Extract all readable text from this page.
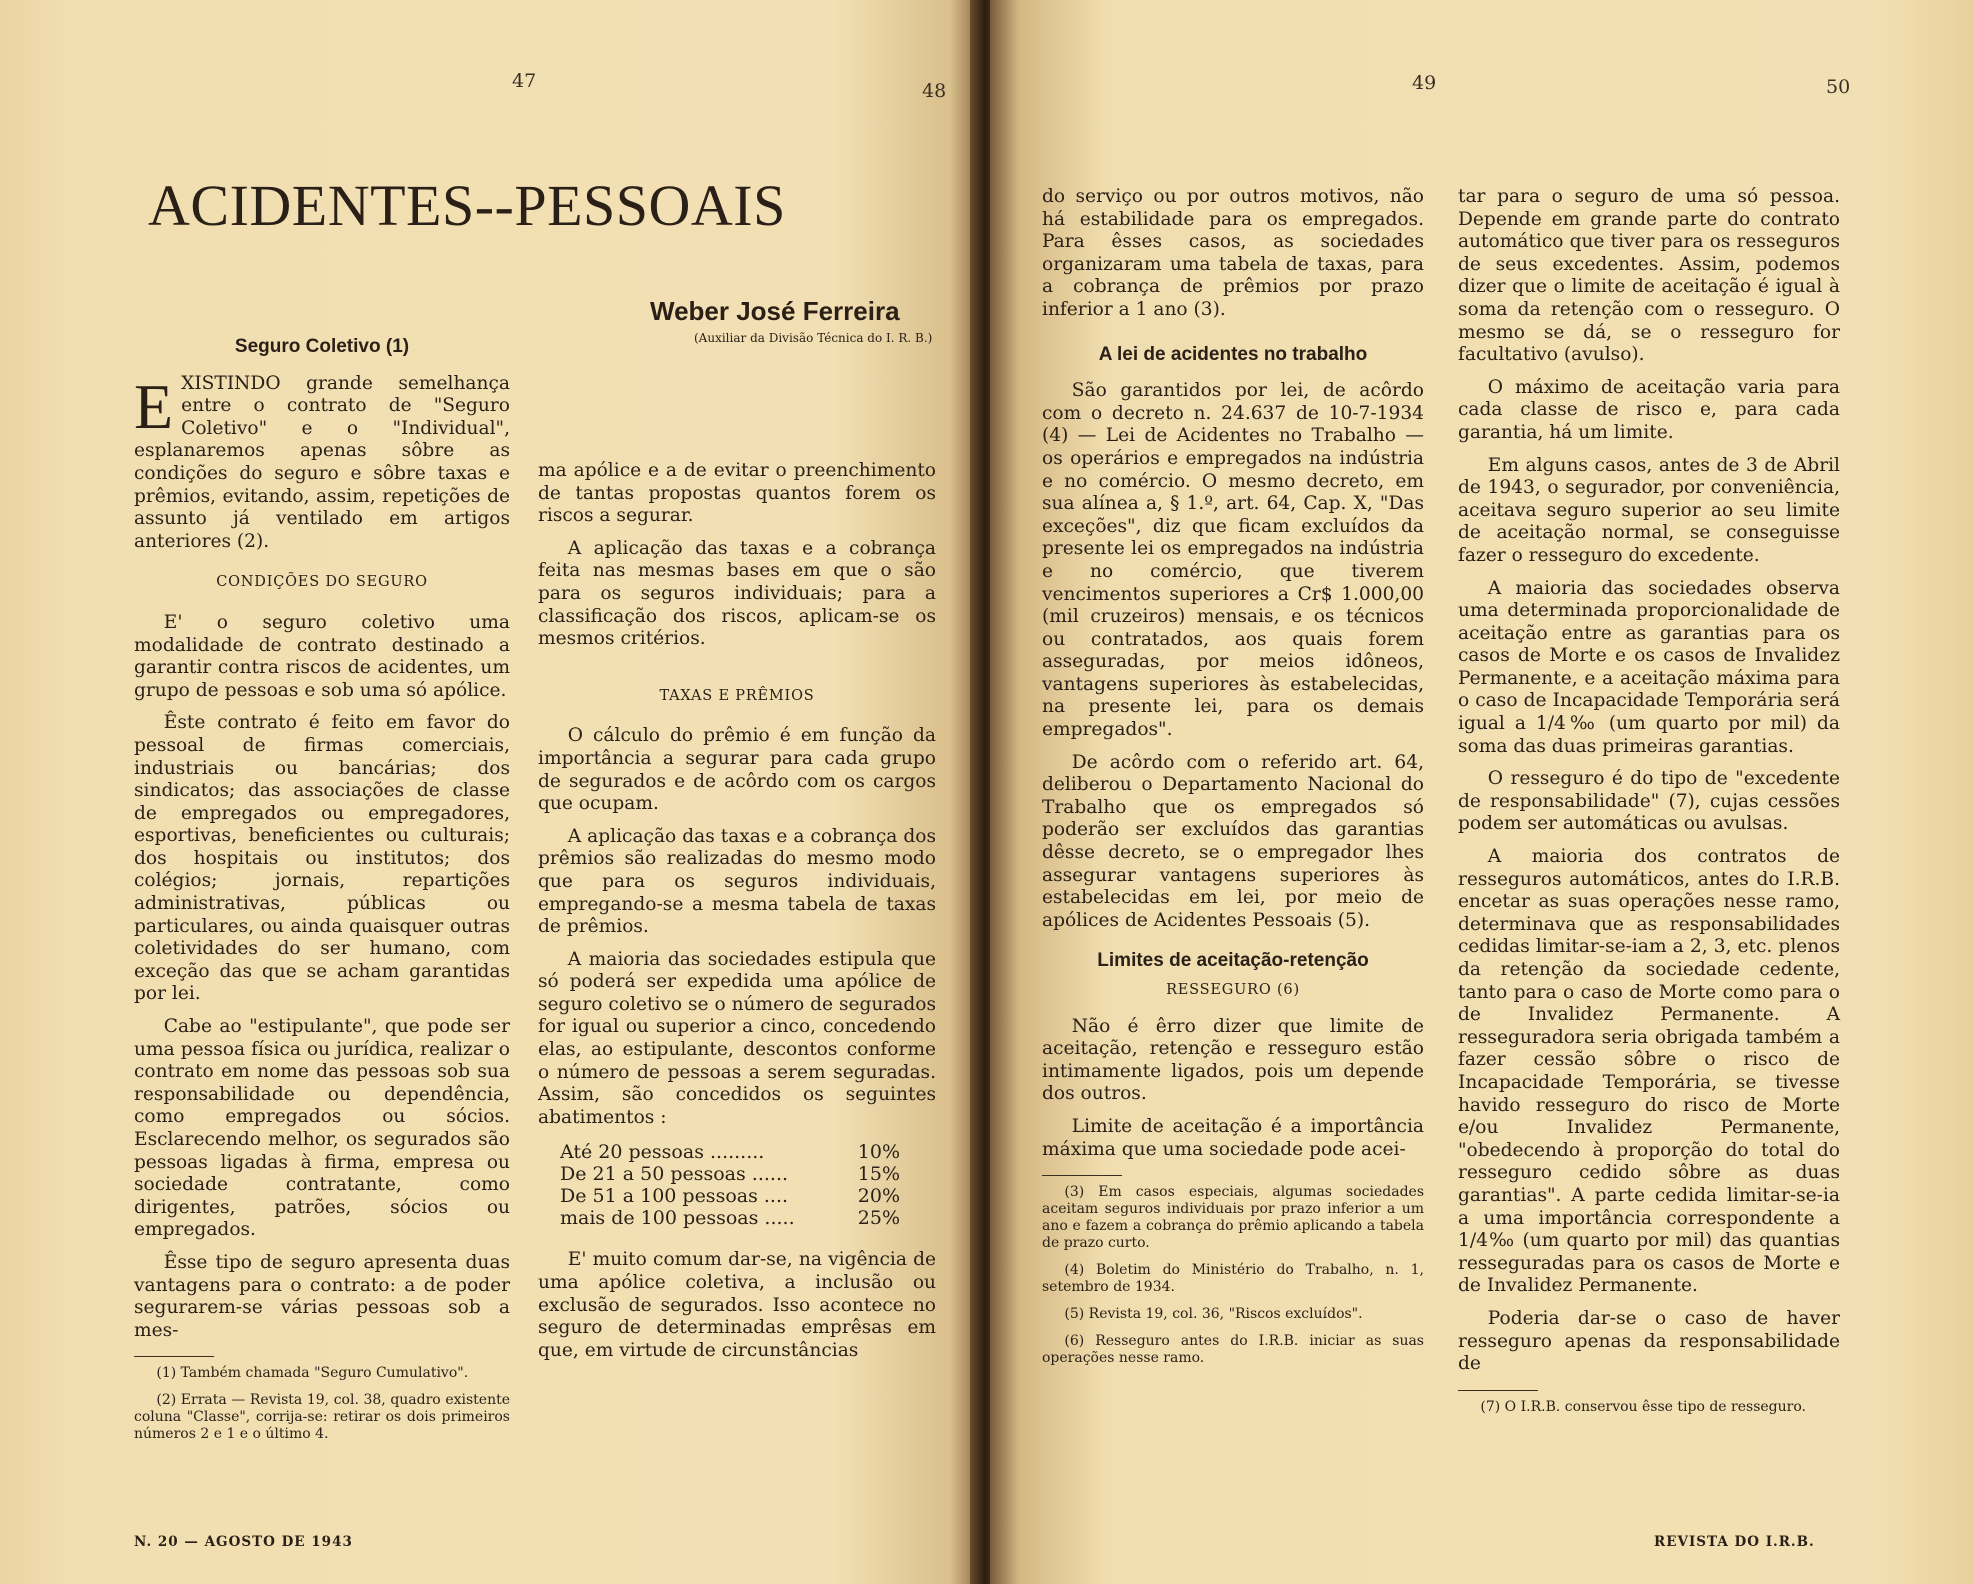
47	48
ACIDENTES--PESSOAIS
Weber José Ferreira
(Auxiliar da Divisão Técnica do I. R. B.)
Seguro Coletivo (1)

EXISTINDO grande semelhança entre o contrato de "Seguro Coletivo" e o "Individual", esplanaremos apenas sôbre as condições do seguro e sôbre taxas e prêmios, evitando, assim, repetições de assunto já ventilado em artigos anteriores (2).

CONDIÇÕES DO SEGURO

E' o seguro coletivo uma modalidade de contrato destinado a garantir contra riscos de acidentes, um grupo de pessoas e sob uma só apólice.

Êste contrato é feito em favor do pessoal de firmas comerciais, industriais ou bancárias; dos sindicatos; das associações de classe de empregados ou empregadores, esportivas, beneficientes ou culturais; dos hospitais ou institutos; dos colégios; jornais, repartições administrativas, públicas ou particulares, ou ainda quaisquer outras coletividades do ser humano, com exceção das que se acham garantidas por lei.

Cabe ao "estipulante", que pode ser uma pessoa física ou jurídica, realizar o contrato em nome das pessoas sob sua responsabilidade ou dependência, como empregados ou sócios. Esclarecendo melhor, os segurados são pessoas ligadas à firma, empresa ou sociedade contratante, como dirigentes, patrões, sócios ou empregados.

Êsse tipo de seguro apresenta duas vantagens para o contrato: a de poder segurarem-se várias pessoas sob a mes-

(1) Também chamada "Seguro Cumulativo".

(2) Errata — Revista 19, col. 38, quadro existente coluna "Classe", corrija-se: retirar os dois primeiros números 2 e 1 e o último 4.

ma apólice e a de evitar o preenchimento de tantas propostas quantos forem os riscos a segurar.

A aplicação das taxas e a cobrança feita nas mesmas bases em que o são para os seguros individuais; para a classificação dos riscos, aplicam-se os mesmos critérios.

TAXAS E PRÊMIOS

O cálculo do prêmio é em função da importância a segurar para cada grupo de segurados e de acôrdo com os cargos que ocupam.

A aplicação das taxas e a cobrança dos prêmios são realizadas do mesmo modo que para os seguros individuais, empregando-se a mesma tabela de taxas de prêmios.

A maioria das sociedades estipula que só poderá ser expedida uma apólice de seguro coletivo se o número de segurados for igual ou superior a cinco, concedendo elas, ao estipulante, descontos conforme o número de pessoas a serem seguradas. Assim, são concedidos os seguintes abatimentos :

Até 20 pessoas .........	10%
De 21 a 50 pessoas ......	15%
De 51 a 100 pessoas ....	20%
mais de 100 pessoas .....	25%

E' muito comum dar-se, na vigência de uma apólice coletiva, a inclusão ou exclusão de segurados. Isso acontece no seguro de determinadas emprêsas em que, em virtude de circunstâncias

N. 20 — AGOSTO DE 1943
49	50

do serviço ou por outros motivos, não há estabilidade para os empregados. Para êsses casos, as sociedades organizaram uma tabela de taxas, para a cobrança de prêmios por prazo inferior a 1 ano (3).

A lei de acidentes no trabalho

São garantidos por lei, de acôrdo com o decreto n. 24.637 de 10-7-1934 (4) — Lei de Acidentes no Trabalho — os operários e empregados na indústria e no comércio. O mesmo decreto, em sua alínea a, § 1.º, art. 64, Cap. X, "Das exceções", diz que ficam excluídos da presente lei os empregados na indústria e no comércio, que tiverem vencimentos superiores a Cr$ 1.000,00 (mil cruzeiros) mensais, e os técnicos ou contratados, aos quais forem asseguradas, por meios idôneos, vantagens superiores às estabelecidas, na presente lei, para os demais empregados".

De acôrdo com o referido art. 64, deliberou o Departamento Nacional do Trabalho que os empregados só poderão ser excluídos das garantias dêsse decreto, se o empregador lhes assegurar vantagens superiores às estabelecidas em lei, por meio de apólices de Acidentes Pessoais (5).

Limites de aceitação-retenção
RESSEGURO (6)

Não é êrro dizer que limite de aceitação, retenção e resseguro estão intimamente ligados, pois um depende dos outros.

Limite de aceitação é a importância máxima que uma sociedade pode acei-

(3) Em casos especiais, algumas sociedades aceitam seguros individuais por prazo inferior a um ano e fazem a cobrança do prêmio aplicando a tabela de prazo curto.

(4) Boletim do Ministério do Trabalho, n. 1, setembro de 1934.

(5) Revista 19, col. 36, "Riscos excluídos".

(6) Resseguro antes do I.R.B. iniciar as suas operações nesse ramo.

tar para o seguro de uma só pessoa. Depende em grande parte do contrato automático que tiver para os resseguros de seus excedentes. Assim, podemos dizer que o limite de aceitação é igual à soma da retenção com o resseguro. O mesmo se dá, se o resseguro for facultativo (avulso).

O máximo de aceitação varia para cada classe de risco e, para cada garantia, há um limite.

Em alguns casos, antes de 3 de Abril de 1943, o segurador, por conveniência, aceitava seguro superior ao seu limite de aceitação normal, se conseguisse fazer o resseguro do excedente.

A maioria das sociedades observa uma determinada proporcionalidade de aceitação entre as garantias para os casos de Morte e os casos de Invalidez Permanente, e a aceitação máxima para o caso de Incapacidade Temporária será igual a 1/4‰ (um quarto por mil) da soma das duas primeiras garantias.

O resseguro é do tipo de "excedente de responsabilidade" (7), cujas cessões podem ser automáticas ou avulsas.

A maioria dos contratos de resseguros automáticos, antes do I.R.B. encetar as suas operações nesse ramo, determinava que as responsabilidades cedidas limitar-se-iam a 2, 3, etc. plenos da retenção da sociedade cedente, tanto para o caso de Morte como para o de Invalidez Permanente. A resseguradora seria obrigada também a fazer cessão sôbre o risco de Incapacidade Temporária, se tivesse havido resseguro do risco de Morte e/ou Invalidez Permanente, "obedecendo à proporção do total do resseguro cedido sôbre as duas garantias". A parte cedida limitar-se-ia a uma importância correspondente a 1/4‰ (um quarto por mil) das quantias resseguradas para os casos de Morte e de Invalidez Permanente.

Poderia dar-se o caso de haver resseguro apenas da responsabilidade de

(7) O I.R.B. conservou êsse tipo de resseguro.

REVISTA DO I.R.B.
